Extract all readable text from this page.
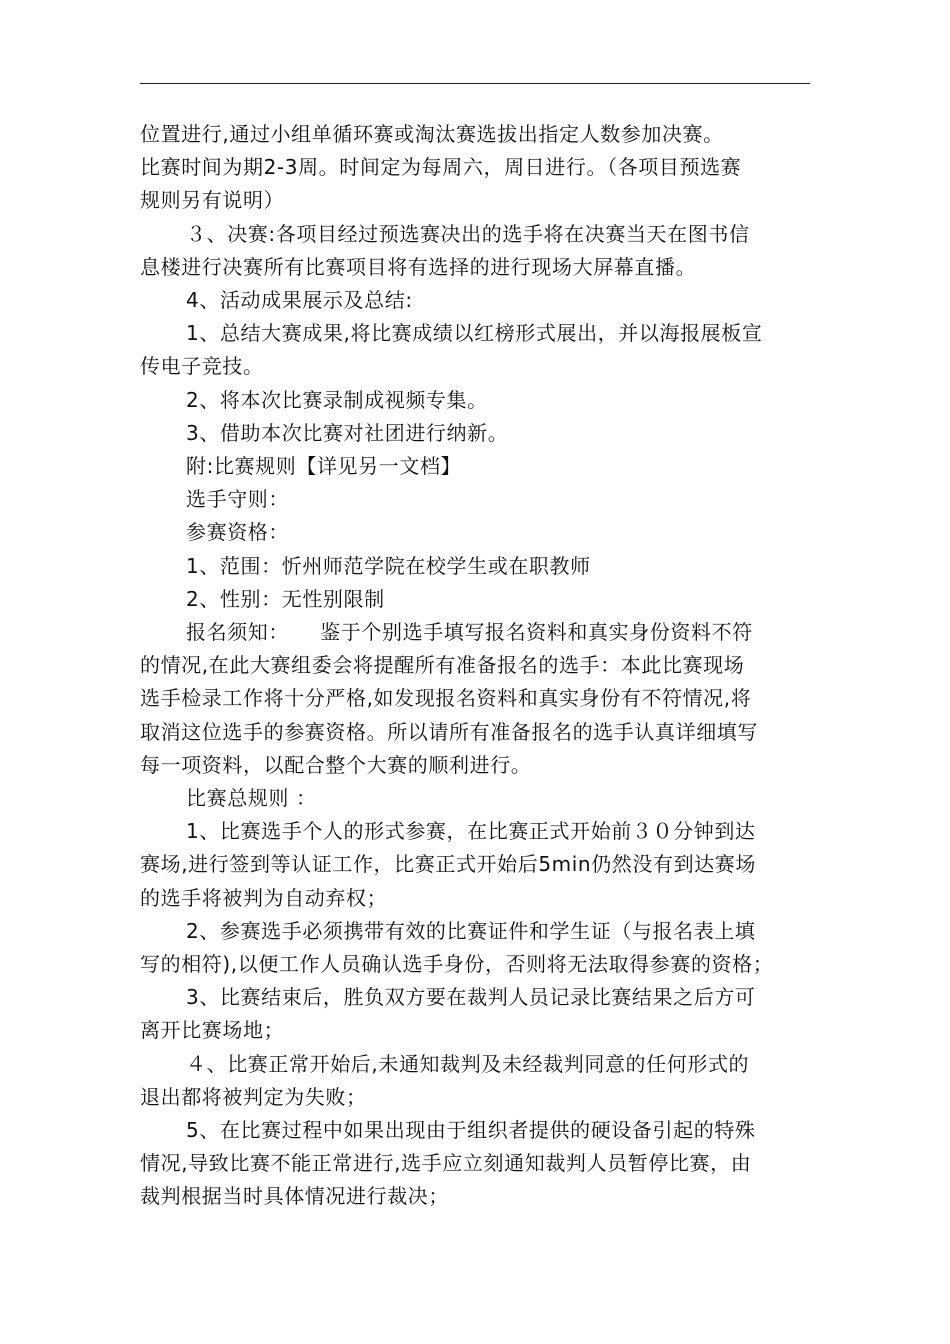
位置进行,通过小组单循环赛或淘汰赛选拔出指定人数参加决赛。
比赛时间为期2-3周。时间定为每周六，周日进行。（各项目预选赛
规则另有说明）
３、决赛:各项目经过预选赛决出的选手将在决赛当天在图书信
息楼进行决赛所有比赛项目将有选择的进行现场大屏幕直播。
4、活动成果展示及总结:
1、总结大赛成果,将比赛成绩以红榜形式展出，并以海报展板宣
传电子竞技。
2、将本次比赛录制成视频专集。
3、借助本次比赛对社团进行纳新。
附:比赛规则【详见另一文档】
选手守则：
参赛资格：
1、范围：忻州师范学院在校学生或在职教师
2、性别：无性别限制
报名须知：　　鉴于个别选手填写报名资料和真实身份资料不符
的情况,在此大赛组委会将提醒所有准备报名的选手：本此比赛现场
选手检录工作将十分严格,如发现报名资料和真实身份有不符情况,将
取消这位选手的参赛资格。所以请所有准备报名的选手认真详细填写
每一项资料，以配合整个大赛的顺利进行。
比赛总规则 ：
1、比赛选手个人的形式参赛，在比赛正式开始前３０分钟到达
赛场,进行签到等认证工作，比赛正式开始后5min仍然没有到达赛场
的选手将被判为自动弃权；
2、参赛选手必须携带有效的比赛证件和学生证（与报名表上填
写的相符),以便工作人员确认选手身份，否则将无法取得参赛的资格；
3、比赛结束后，胜负双方要在裁判人员记录比赛结果之后方可
离开比赛场地；
４、比赛正常开始后,未通知裁判及未经裁判同意的任何形式的
退出都将被判定为失败；
5、在比赛过程中如果出现由于组织者提供的硬设备引起的特殊
情况,导致比赛不能正常进行,选手应立刻通知裁判人员暂停比赛，由
裁判根据当时具体情况进行裁决；
